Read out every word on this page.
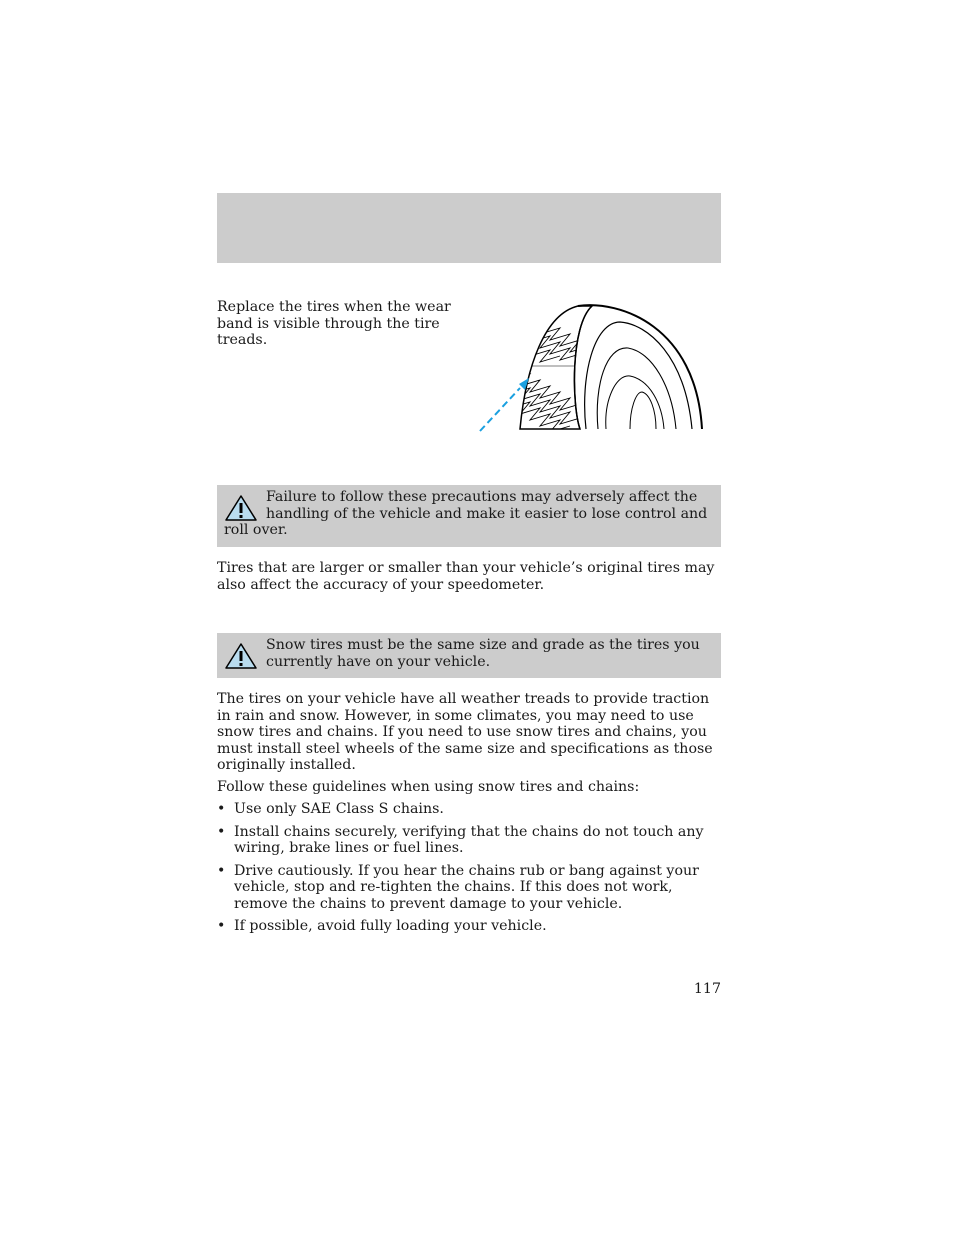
Replace the tires when the wear band is visible through the tire treads.
Failure to follow these precautions may adversely affect the handling of the vehicle and make it easier to lose control and roll over.

Tires that are larger or smaller than your vehicle’s original tires may also affect the accuracy of your speedometer.

Snow tires must be the same size and grade as the tires you currently have on your vehicle.

The tires on your vehicle have all weather treads to provide traction in rain and snow. However, in some climates, you may need to use snow tires and chains. If you need to use snow tires and chains, you must install steel wheels of the same size and specifications as those originally installed.

Follow these guidelines when using snow tires and chains:

• Use only SAE Class S chains.
• Install chains securely, verifying that the chains do not touch any wiring, brake lines or fuel lines.
• Drive cautiously. If you hear the chains rub or bang against your vehicle, stop and re-tighten the chains. If this does not work, remove the chains to prevent damage to your vehicle.
• If possible, avoid fully loading your vehicle.
117
